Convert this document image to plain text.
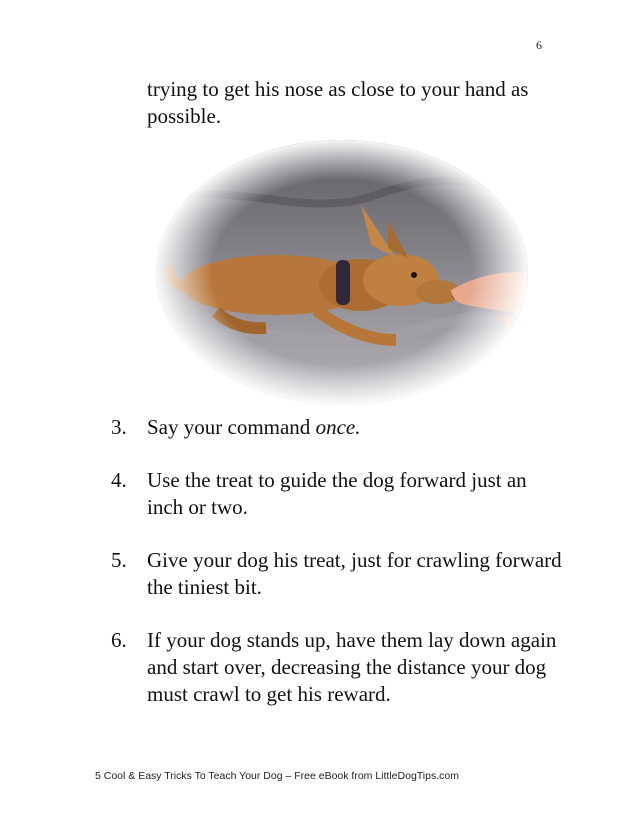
6
trying to get his nose as close to your hand as possible.
3. Say your command once.
4. Use the treat to guide the dog forward just an inch or two.
5. Give your dog his treat, just for crawling forward the tiniest bit.
6. If your dog stands up, have them lay down again and start over, decreasing the distance your dog must crawl to get his reward.
5 Cool & Easy Tricks To Teach Your Dog – Free eBook from LittleDogTips.com
